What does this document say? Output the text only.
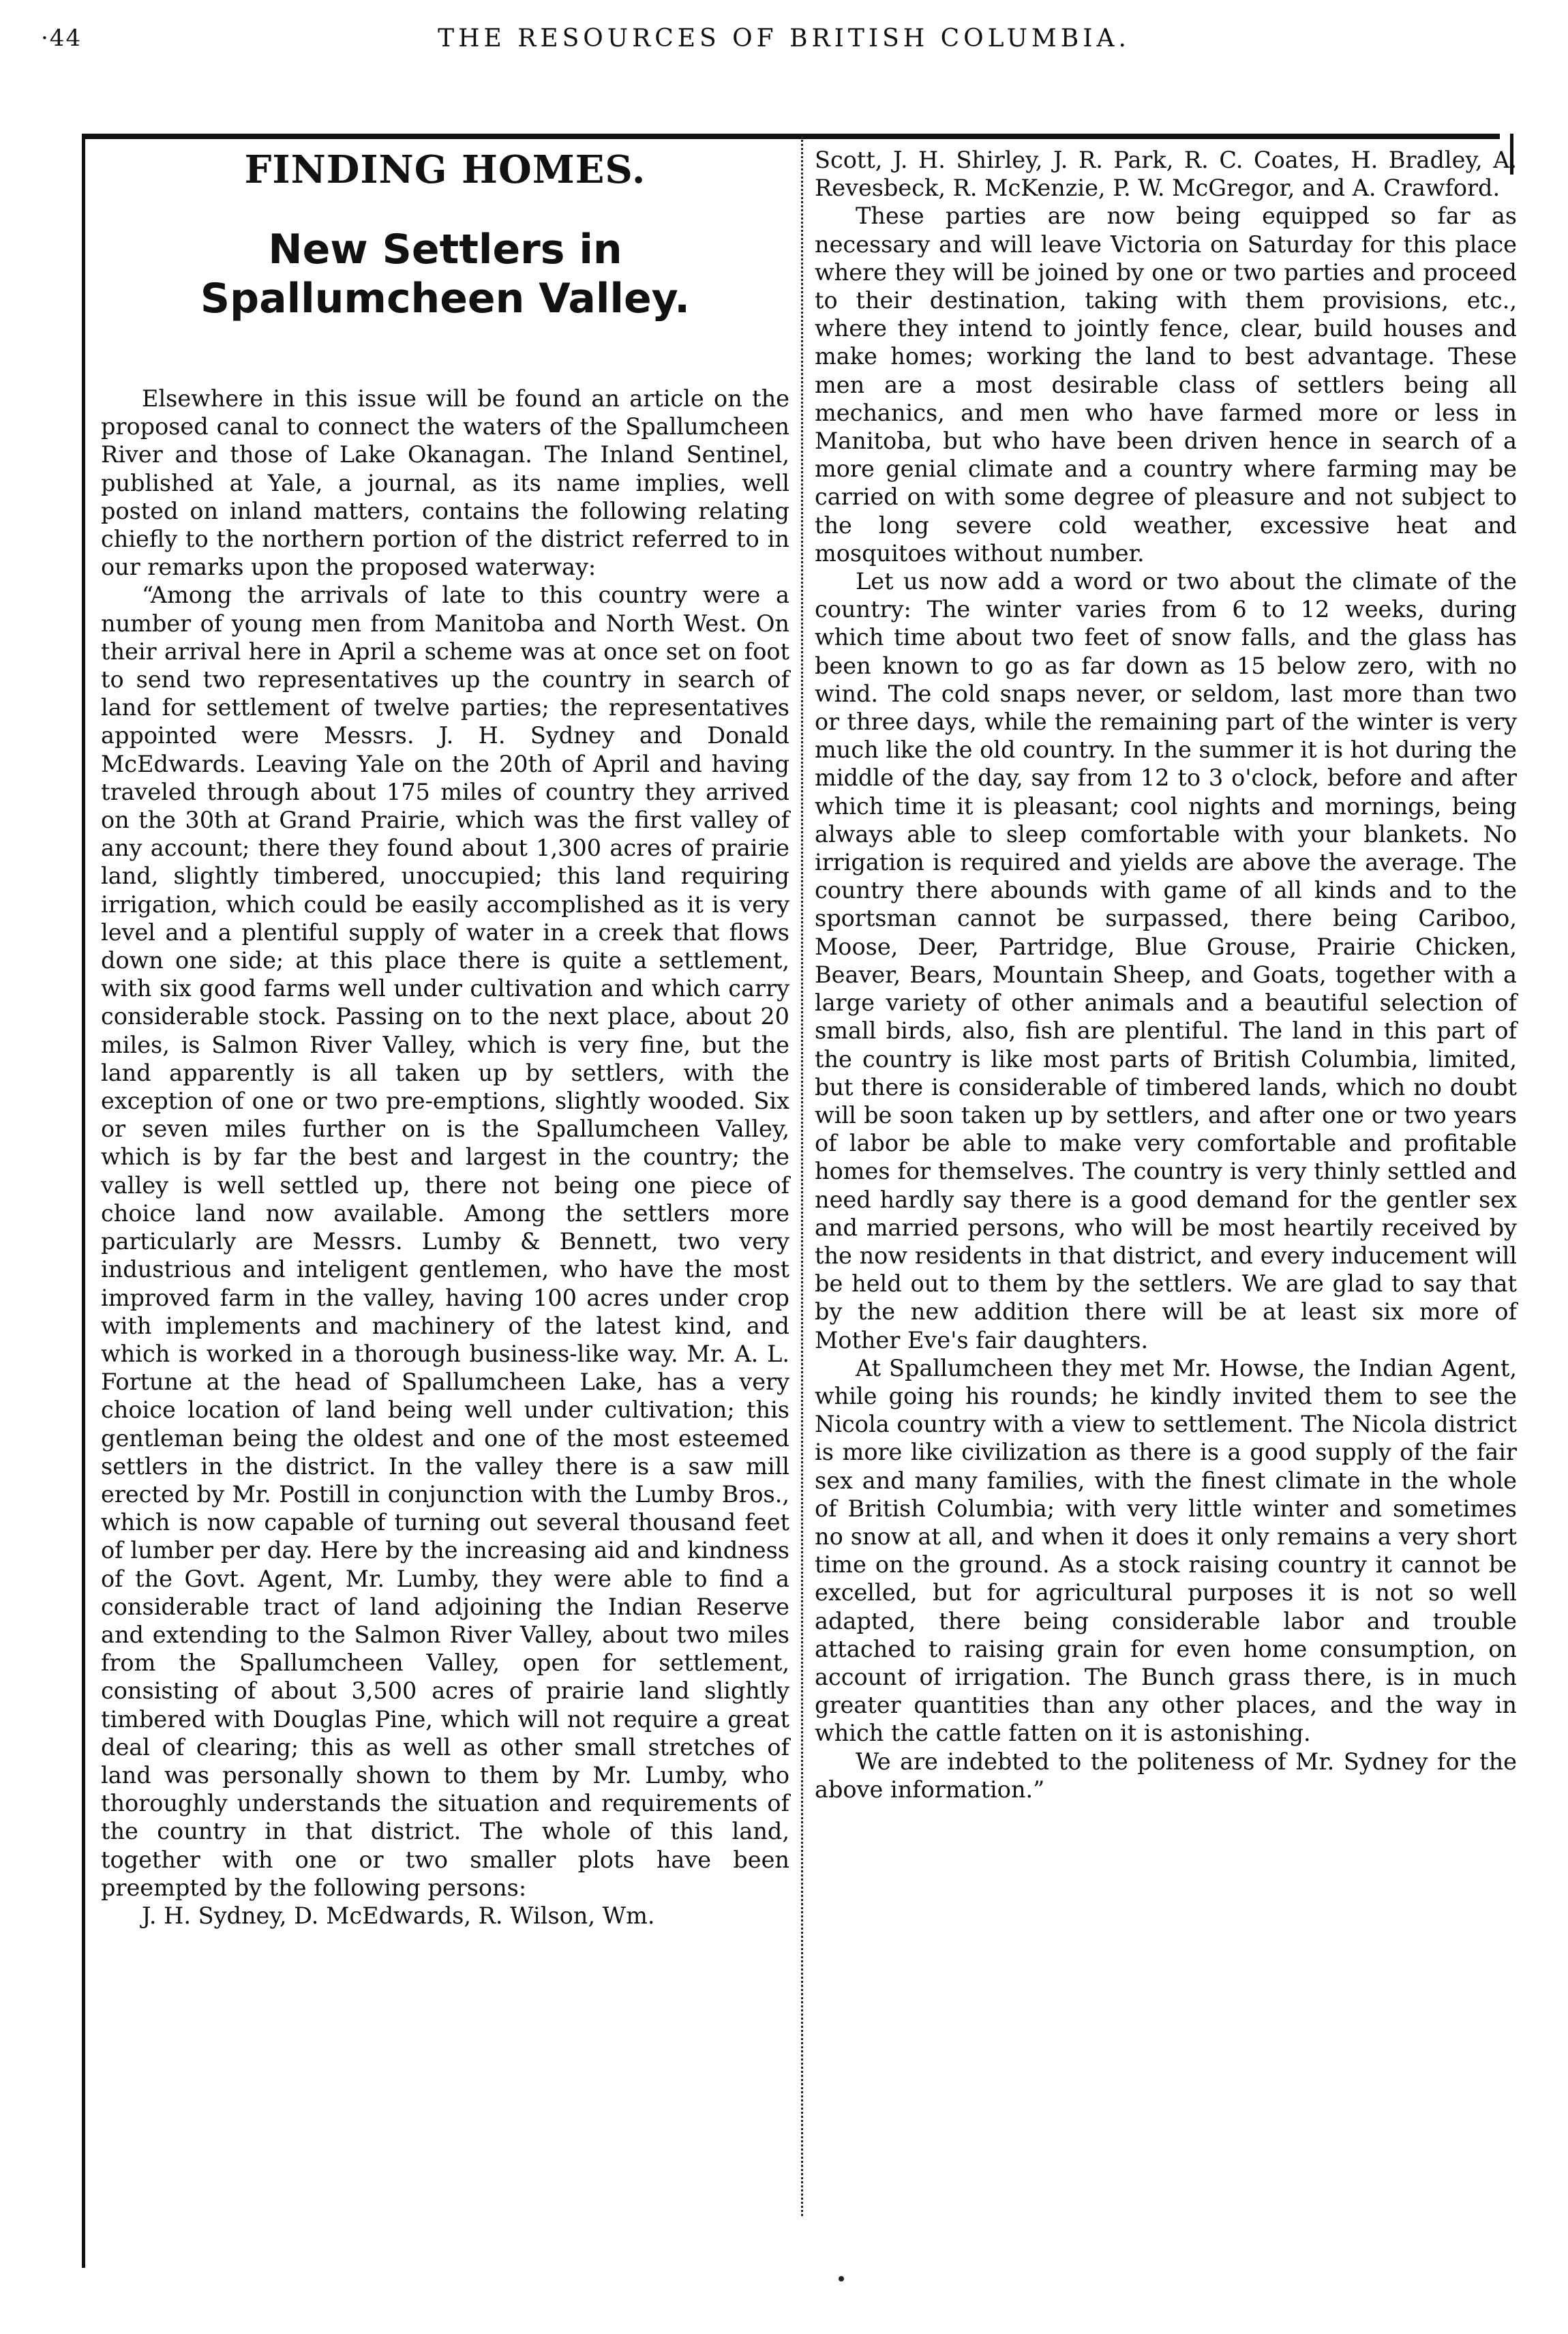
·44	THE RESOURCES OF BRITISH COLUMBIA.
FINDING HOMES.
New Settlers in Spallumcheen Valley.

Elsewhere in this issue will be found an article on the proposed canal to connect the waters of the Spallumcheen River and those of Lake Okanagan. The Inland Sentinel, published at Yale, a journal, as its name implies, well posted on inland matters, contains the following relating chiefly to the northern portion of the district referred to in our remarks upon the proposed waterway:

“Among the arrivals of late to this country were a number of young men from Manitoba and North West. On their arrival here in April a scheme was at once set on foot to send two representatives up the country in search of land for settlement of twelve parties; the representatives appointed were Messrs. J. H. Sydney and Donald McEdwards. Leaving Yale on the 20th of April and having traveled through about 175 miles of country they arrived on the 30th at Grand Prairie, which was the first valley of any account; there they found about 1,300 acres of prairie land, slightly timbered, unoccupied; this land requiring irrigation, which could be easily accomplished as it is very level and a plentiful supply of water in a creek that flows down one side; at this place there is quite a settlement, with six good farms well under cultivation and which carry considerable stock. Passing on to the next place, about 20 miles, is Salmon River Valley, which is very fine, but the land apparently is all taken up by settlers, with the exception of one or two pre-emptions, slightly wooded. Six or seven miles further on is the Spallumcheen Valley, which is by far the best and largest in the country; the valley is well settled up, there not being one piece of choice land now available. Among the settlers more particularly are Messrs. Lumby & Bennett, two very industrious and inteligent gentlemen, who have the most improved farm in the valley, having 100 acres under crop with implements and machinery of the latest kind, and which is worked in a thorough business-like way. Mr. A. L. Fortune at the head of Spallumcheen Lake, has a very choice location of land being well under cultivation; this gentleman being the oldest and one of the most esteemed settlers in the district. In the valley there is a saw mill erected by Mr. Postill in conjunction with the Lumby Bros., which is now capable of turning out several thousand feet of lumber per day. Here by the increasing aid and kindness of the Govt. Agent, Mr. Lumby, they were able to find a considerable tract of land adjoining the Indian Reserve and extending to the Salmon River Valley, about two miles from the Spallumcheen Valley, open for settlement, consisting of about 3,500 acres of prairie land slightly timbered with Douglas Pine, which will not require a great deal of clearing; this as well as other small stretches of land was personally shown to them by Mr. Lumby, who thoroughly understands the situation and requirements of the country in that district. The whole of this land, together with one or two smaller plots have been preempted by the following persons:

J. H. Sydney, D. McEdwards, R. Wilson, Wm.

Scott, J. H. Shirley, J. R. Park, R. C. Coates, H. Bradley, A. Revesbeck, R. McKenzie, P. W. McGregor, and A. Crawford.

These parties are now being equipped so far as necessary and will leave Victoria on Saturday for this place where they will be joined by one or two parties and proceed to their destination, taking with them provisions, etc., where they intend to jointly fence, clear, build houses and make homes; working the land to best advantage. These men are a most desirable class of settlers being all mechanics, and men who have farmed more or less in Manitoba, but who have been driven hence in search of a more genial climate and a country where farming may be carried on with some degree of pleasure and not subject to the long severe cold weather, excessive heat and mosquitoes without number.

Let us now add a word or two about the climate of the country: The winter varies from 6 to 12 weeks, during which time about two feet of snow falls, and the glass has been known to go as far down as 15 below zero, with no wind. The cold snaps never, or seldom, last more than two or three days, while the remaining part of the winter is very much like the old country. In the summer it is hot during the middle of the day, say from 12 to 3 o'clock, before and after which time it is pleasant; cool nights and mornings, being always able to sleep comfortable with your blankets. No irrigation is required and yields are above the average. The country there abounds with game of all kinds and to the sportsman cannot be surpassed, there being Cariboo, Moose, Deer, Partridge, Blue Grouse, Prairie Chicken, Beaver, Bears, Mountain Sheep, and Goats, together with a large variety of other animals and a beautiful selection of small birds, also, fish are plentiful. The land in this part of the country is like most parts of British Columbia, limited, but there is considerable of timbered lands, which no doubt will be soon taken up by settlers, and after one or two years of labor be able to make very comfortable and profitable homes for themselves. The country is very thinly settled and need hardly say there is a good demand for the gentler sex and married persons, who will be most heartily received by the now residents in that district, and every inducement will be held out to them by the settlers. We are glad to say that by the new addition there will be at least six more of Mother Eve's fair daughters.

At Spallumcheen they met Mr. Howse, the Indian Agent, while going his rounds; he kindly invited them to see the Nicola country with a view to settlement. The Nicola district is more like civilization as there is a good supply of the fair sex and many families, with the finest climate in the whole of British Columbia; with very little winter and sometimes no snow at all, and when it does it only remains a very short time on the ground. As a stock raising country it cannot be excelled, but for agricultural purposes it is not so well adapted, there being considerable labor and trouble attached to raising grain for even home consumption, on account of irrigation. The Bunch grass there, is in much greater quantities than any other places, and the way in which the cattle fatten on it is astonishing.

We are indebted to the politeness of Mr. Sydney for the above information.”
